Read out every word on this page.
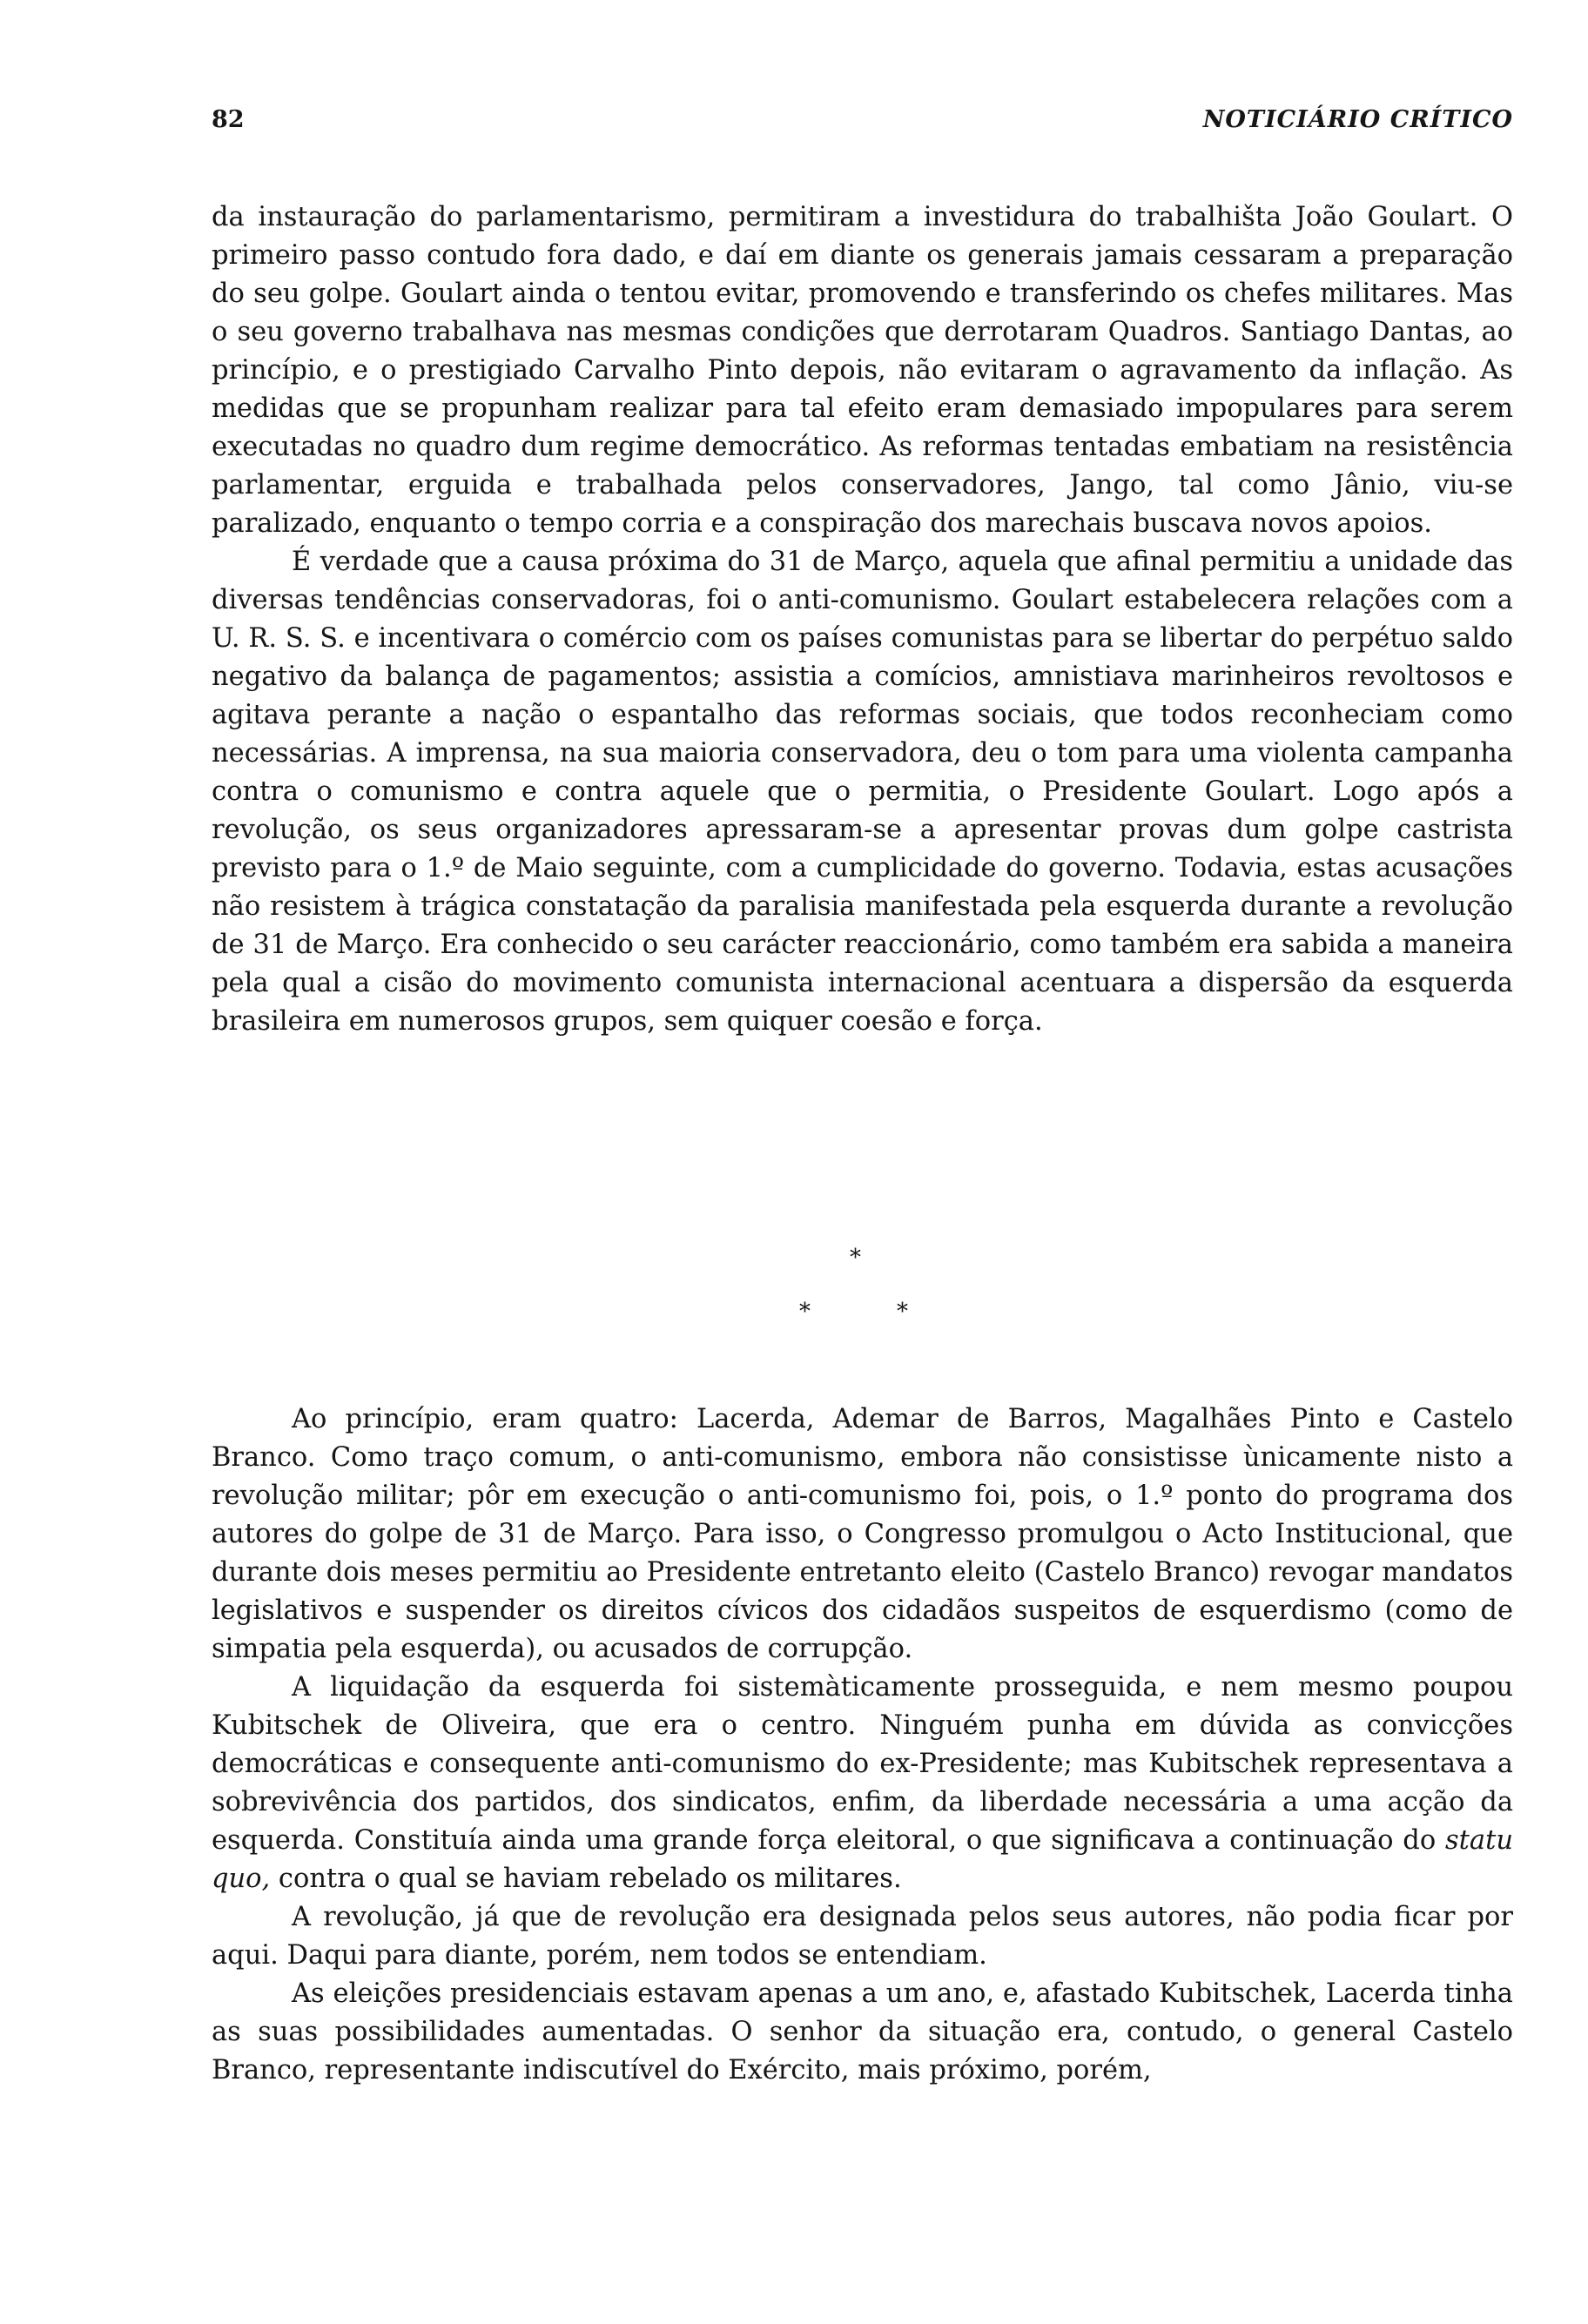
82	NOTICIÁRIO CRÍTICO

da instauração do parlamentarismo, permitiram a investidura do trabalhišta João Goulart. O primeiro passo contudo fora dado, e daí em diante os generais jamais cessaram a preparação do seu golpe. Goulart ainda o tentou evitar, promovendo e transferindo os chefes militares. Mas o seu governo trabalhava nas mesmas condições que derrotaram Quadros. Santiago Dantas, ao princípio, e o prestigiado Carvalho Pinto depois, não evitaram o agravamento da inflação. As medidas que se propunham realizar para tal efeito eram demasiado impopulares para serem executadas no quadro dum regime democrático. As reformas tentadas embatiam na resistência parlamentar, erguida e trabalhada pelos conservadores, Jango, tal como Jânio, viu-se paralizado, enquanto o tempo corria e a conspiração dos marechais buscava novos apoios.

É verdade que a causa próxima do 31 de Março, aquela que afinal permitiu a unidade das diversas tendências conservadoras, foi o anti-comunismo. Goulart estabelecera relações com a U. R. S. S. e incentivara o comércio com os países comunistas para se libertar do perpétuo saldo negativo da balança de pagamentos; assistia a comícios, amnistiava marinheiros revoltosos e agitava perante a nação o espantalho das reformas sociais, que todos reconheciam como necessárias. A imprensa, na sua maioria conservadora, deu o tom para uma violenta campanha contra o comunismo e contra aquele que o permitia, o Presidente Goulart. Logo após a revolução, os seus organizadores apressaram-se a apresentar provas dum golpe castrista previsto para o 1.º de Maio seguinte, com a cumplicidade do governo. Todavia, estas acusações não resistem à trágica constatação da paralisia manifestada pela esquerda durante a revolução de 31 de Março. Era conhecido o seu carácter reaccionário, como também era sabida a maneira pela qual a cisão do movimento comunista internacional acentuara a dispersão da esquerda brasileira em numerosos grupos, sem quiquer coesão e força.

*
*	*

Ao princípio, eram quatro: Lacerda, Ademar de Barros, Magalhães Pinto e Castelo Branco. Como traço comum, o anti-comunismo, embora não consistisse ùnicamente nisto a revolução militar; pôr em execução o anti-comunismo foi, pois, o 1.º ponto do programa dos autores do golpe de 31 de Março. Para isso, o Congresso promulgou o Acto Institucional, que durante dois meses permitiu ao Presidente entretanto eleito (Castelo Branco) revogar mandatos legislativos e suspender os direitos cívicos dos cidadãos suspeitos de esquerdismo (como de simpatia pela esquerda), ou acusados de corrupção.

A liquidação da esquerda foi sistemàticamente prosseguida, e nem mesmo poupou Kubitschek de Oliveira, que era o centro. Ninguém punha em dúvida as convicções democráticas e consequente anti-comunismo do ex-Presidente; mas Kubitschek representava a sobrevivência dos partidos, dos sindicatos, enfim, da liberdade necessária a uma acção da esquerda. Constituía ainda uma grande força eleitoral, o que significava a continuação do statu quo, contra o qual se haviam rebelado os militares.

A revolução, já que de revolução era designada pelos seus autores, não podia ficar por aqui. Daqui para diante, porém, nem todos se entendiam.

As eleições presidenciais estavam apenas a um ano, e, afastado Kubitschek, Lacerda tinha as suas possibilidades aumentadas. O senhor da situação era, contudo, o general Castelo Branco, representante indiscutível do Exército, mais próximo, porém,
